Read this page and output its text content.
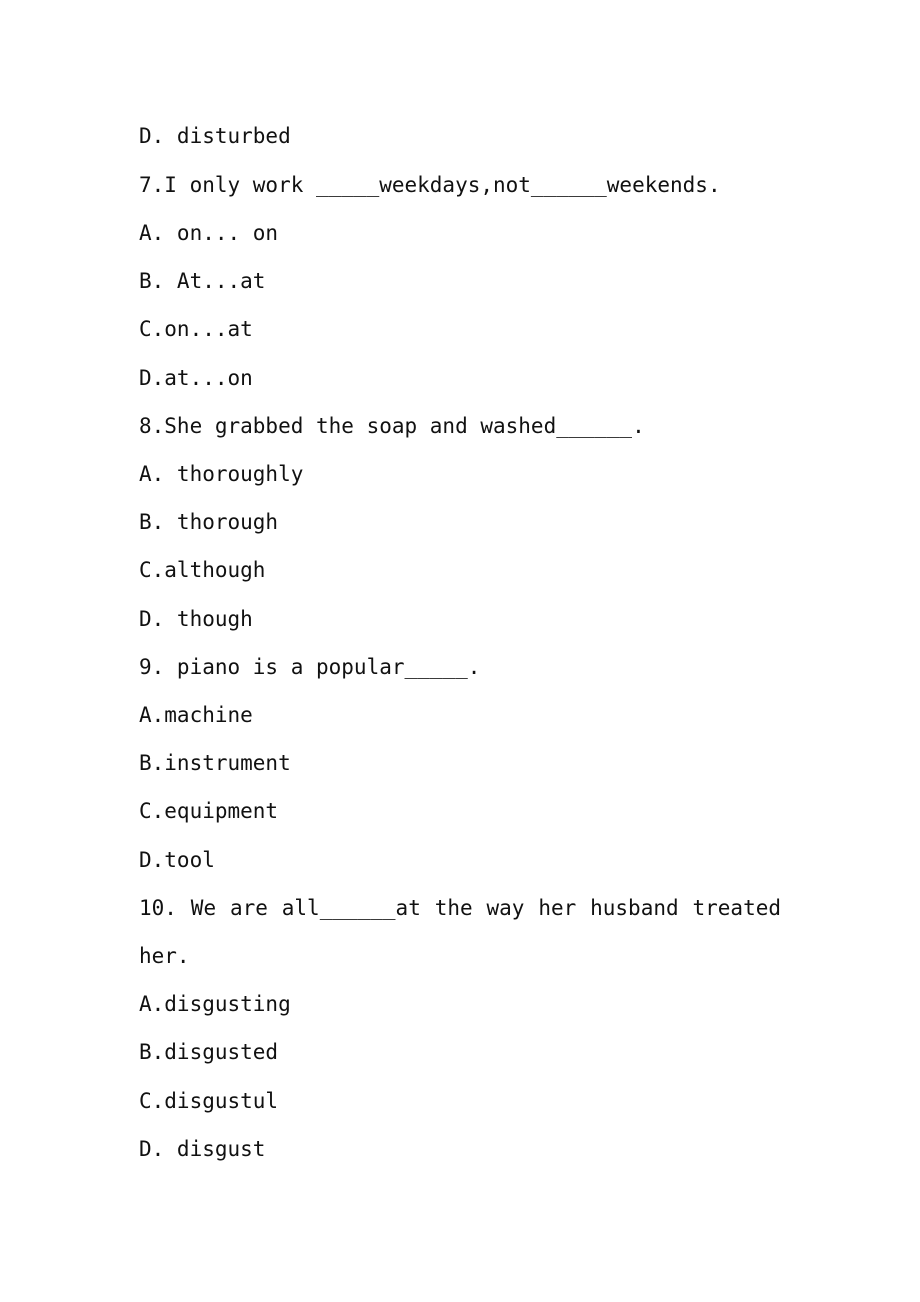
D. disturbed
7.I only work _____weekdays,not______weekends.
A. on... on
B. At...at
C.on...at
D.at...on
8.She grabbed the soap and washed______.
A. thoroughly
B. thorough
C.although
D. though
9. piano is a popular_____.
A.machine
B.instrument
C.equipment
D.tool
10. We are all______at the way her husband treated
her.
A.disgusting
B.disgusted
C.disgustul
D. disgust
